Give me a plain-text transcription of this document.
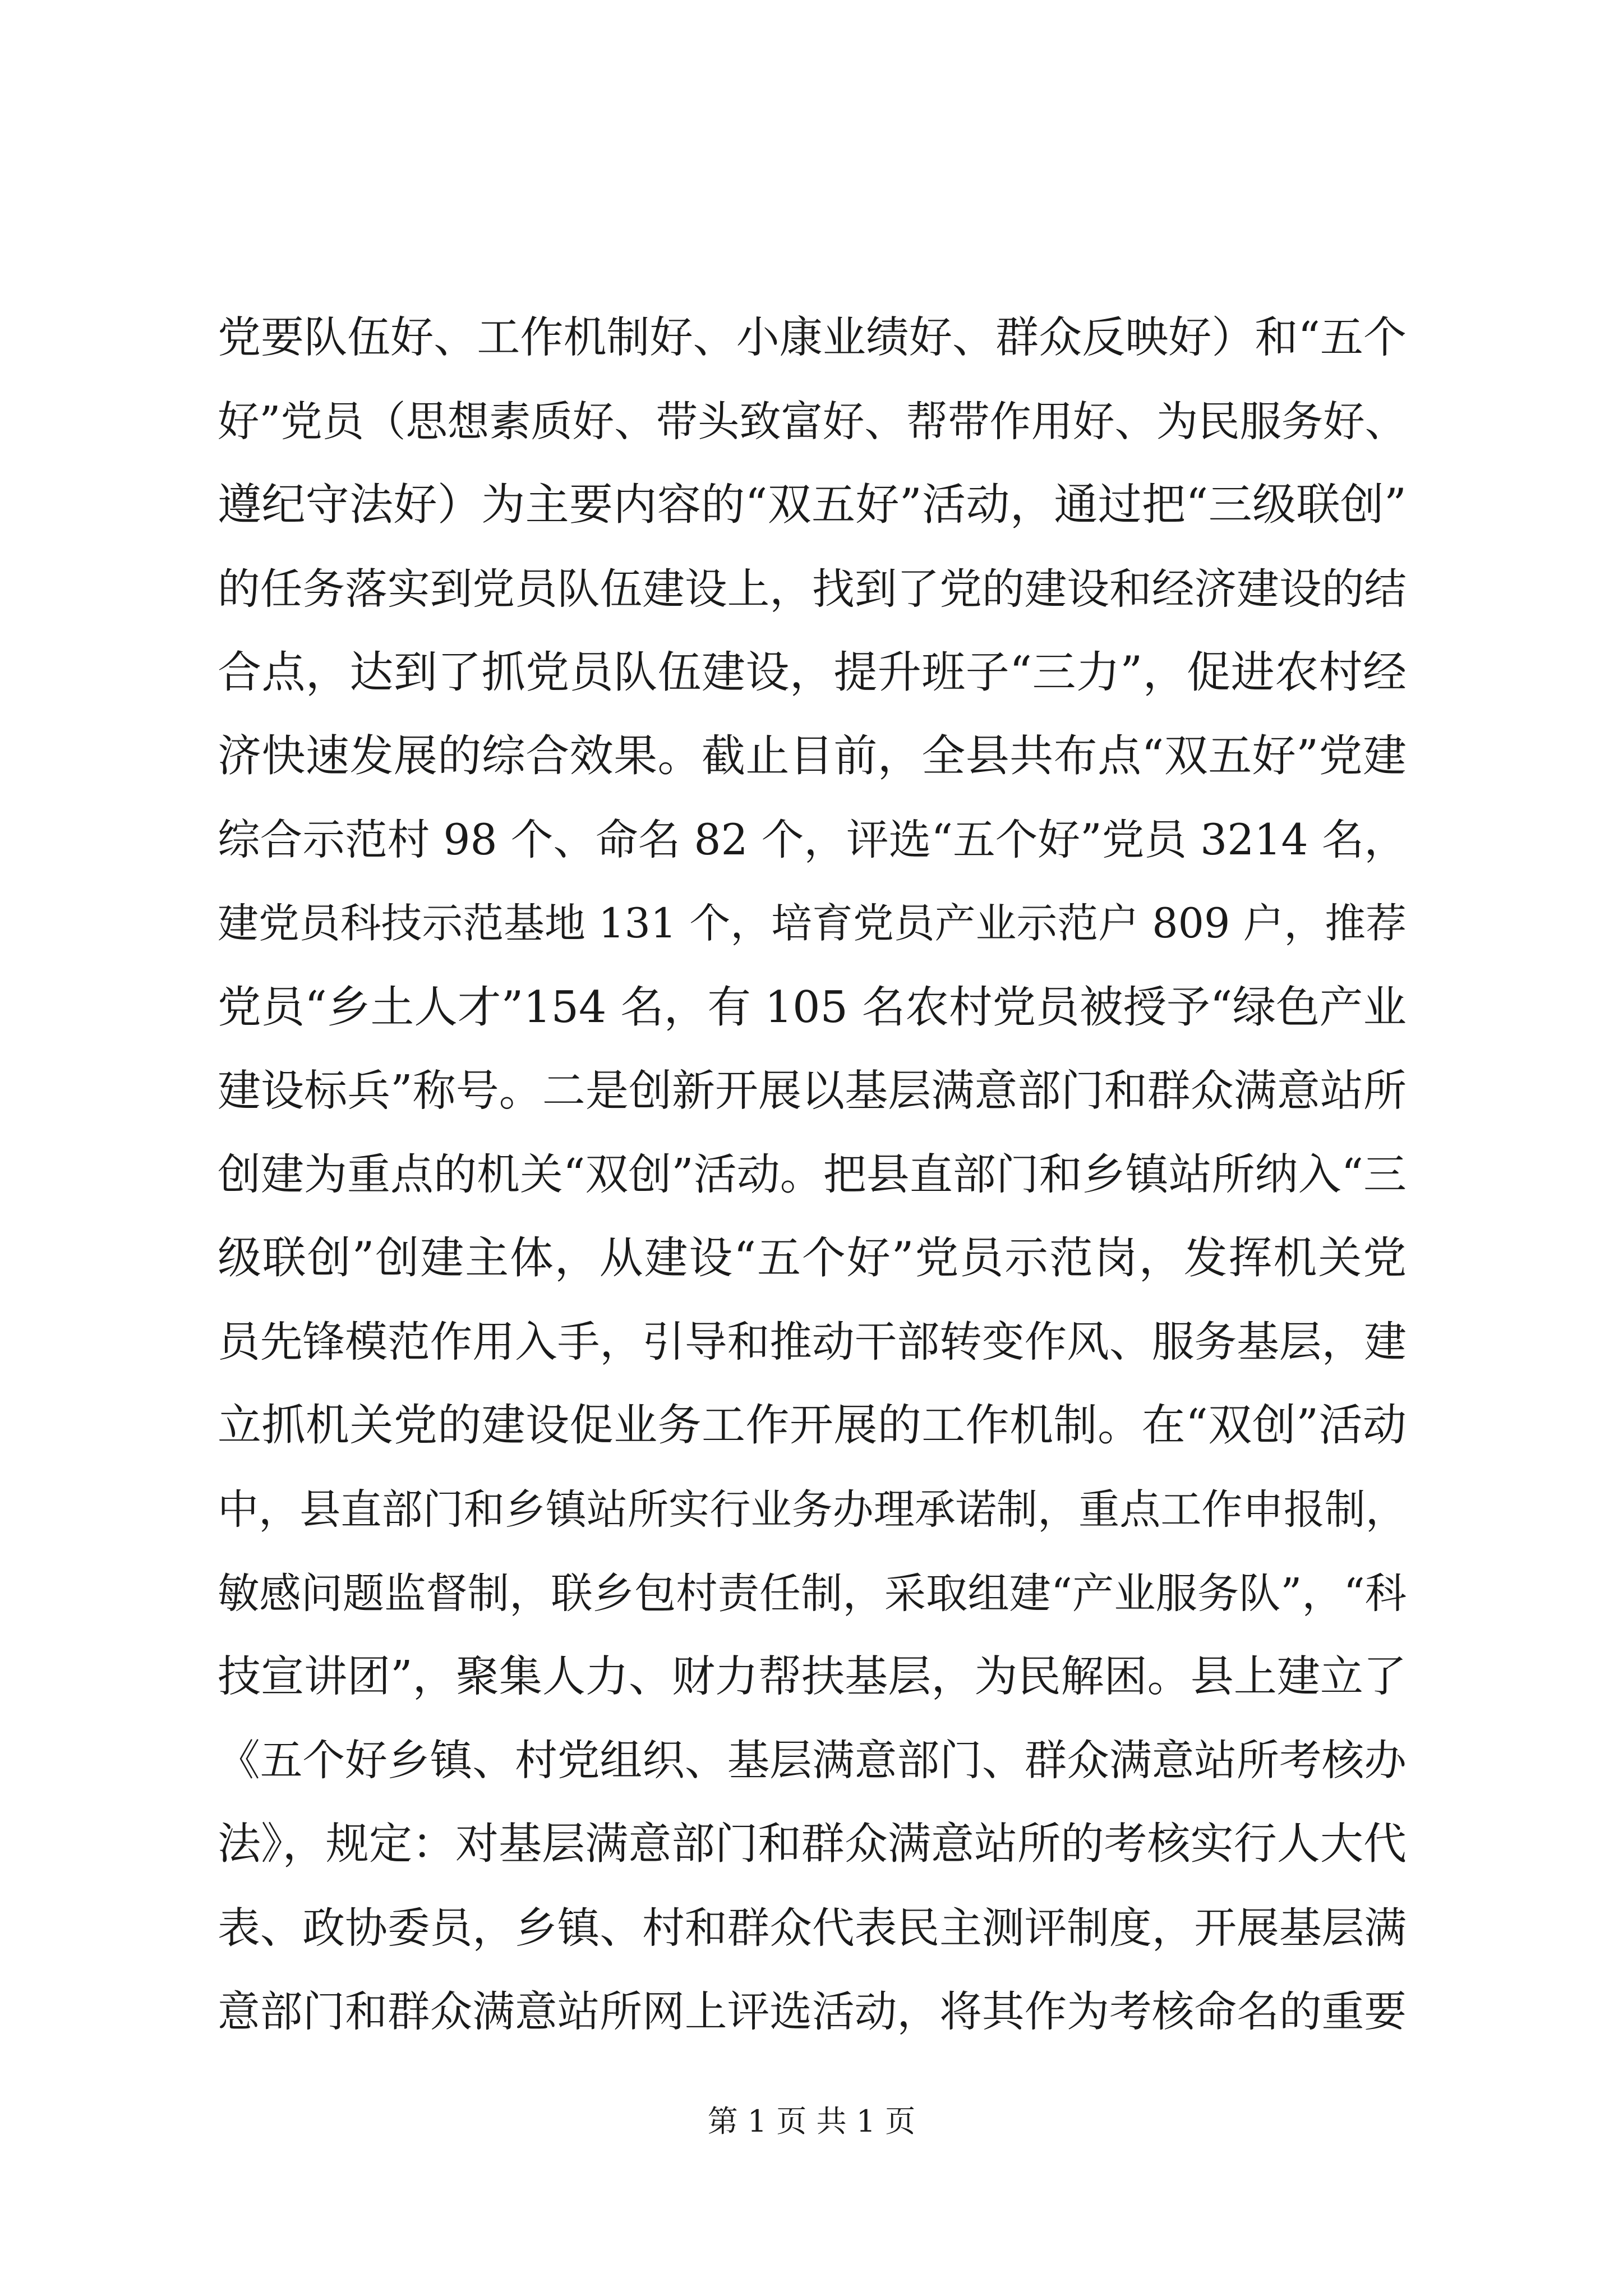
党要队伍好、工作机制好、小康业绩好、群众反映好）和“五个
好”党员（思想素质好、带头致富好、帮带作用好、为民服务好、
遵纪守法好）为主要内容的“双五好”活动，通过把“三级联创”
的任务落实到党员队伍建设上，找到了党的建设和经济建设的结
合点，达到了抓党员队伍建设，提升班子“三力”，促进农村经
济快速发展的综合效果。截止目前，全县共布点“双五好”党建
综合示范村 98 个、命名 82 个，评选“五个好”党员 3214 名，
建党员科技示范基地 131 个，培育党员产业示范户 809 户，推荐
党员“乡土人才”154 名，有 105 名农村党员被授予“绿色产业
建设标兵”称号。二是创新开展以基层满意部门和群众满意站所
创建为重点的机关“双创”活动。把县直部门和乡镇站所纳入“三
级联创”创建主体，从建设“五个好”党员示范岗，发挥机关党
员先锋模范作用入手，引导和推动干部转变作风、服务基层，建
立抓机关党的建设促业务工作开展的工作机制。在“双创”活动
中，县直部门和乡镇站所实行业务办理承诺制，重点工作申报制，
敏感问题监督制，联乡包村责任制，采取组建“产业服务队”，“科
技宣讲团”，聚集人力、财力帮扶基层，为民解困。县上建立了
《五个好乡镇、村党组织、基层满意部门、群众满意站所考核办
法》，规定：对基层满意部门和群众满意站所的考核实行人大代
表、政协委员，乡镇、村和群众代表民主测评制度，开展基层满
意部门和群众满意站所网上评选活动，将其作为考核命名的重要
第 1 页 共 1 页
